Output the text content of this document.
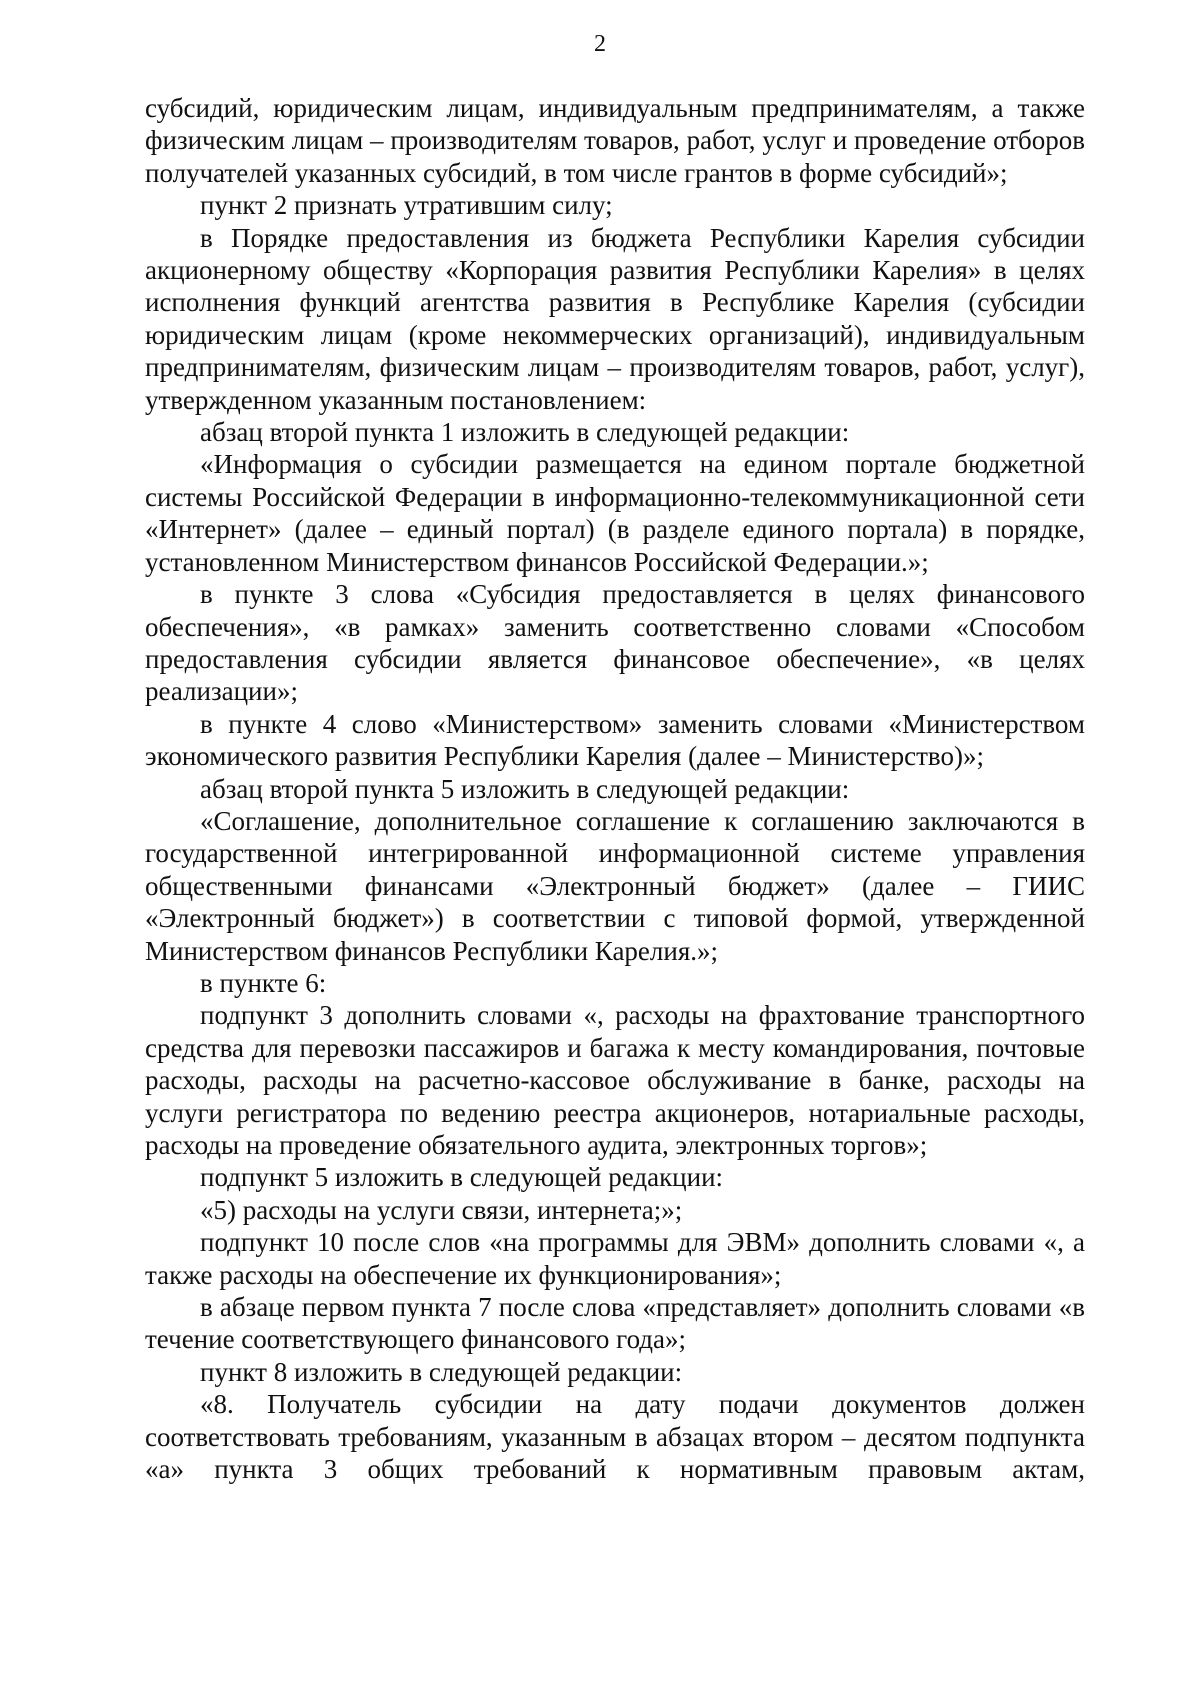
2

субсидий, юридическим лицам, индивидуальным предпринимателям, а также физическим лицам – производителям товаров, работ, услуг и проведение отборов получателей указанных субсидий, в том числе грантов в форме субсидий»;

пункт 2 признать утратившим силу;

в Порядке предоставления из бюджета Республики Карелия субсидии акционерному обществу «Корпорация развития Республики Карелия» в целях исполнения функций агентства развития в Республике Карелия (субсидии юридическим лицам (кроме некоммерческих организаций), индивидуальным предпринимателям, физическим лицам – производителям товаров, работ, услуг), утвержденном указанным постановлением:

абзац второй пункта 1 изложить в следующей редакции:

«Информация о субсидии размещается на едином портале бюджетной системы Российской Федерации в информационно-телекоммуникационной сети «Интернет» (далее – единый портал) (в разделе единого портала) в порядке, установленном Министерством финансов Российской Федерации.»;

в пункте 3 слова «Субсидия предоставляется в целях финансового обеспечения», «в рамках» заменить соответственно словами «Способом предоставления субсидии является финансовое обеспечение», «в целях реализации»;

в пункте 4 слово «Министерством» заменить словами «Министерством экономического развития Республики Карелия (далее – Министерство)»;

абзац второй пункта 5 изложить в следующей редакции:

«Соглашение, дополнительное соглашение к соглашению заключаются в государственной интегрированной информационной системе управления общественными финансами «Электронный бюджет» (далее – ГИИС «Электронный бюджет») в соответствии с типовой формой, утвержденной Министерством финансов Республики Карелия.»;

в пункте 6:

подпункт 3 дополнить словами «, расходы на фрахтование транспортного средства для перевозки пассажиров и багажа к месту командирования, почтовые расходы, расходы на расчетно-кассовое обслуживание в банке, расходы на услуги регистратора по ведению реестра акционеров, нотариальные расходы, расходы на проведение обязательного аудита, электронных торгов»;

подпункт 5 изложить в следующей редакции:

«5) расходы на услуги связи, интернета;»;

подпункт 10 после слов «на программы для ЭВМ» дополнить словами «, а также расходы на обеспечение их функционирования»;

в абзаце первом пункта 7 после слова «представляет» дополнить словами «в течение соответствующего финансового года»;

пункт 8 изложить в следующей редакции:

«8. Получатель субсидии на дату подачи документов должен соответствовать требованиям, указанным в абзацах втором – десятом подпункта «а» пункта 3 общих требований к нормативным правовым актам,
